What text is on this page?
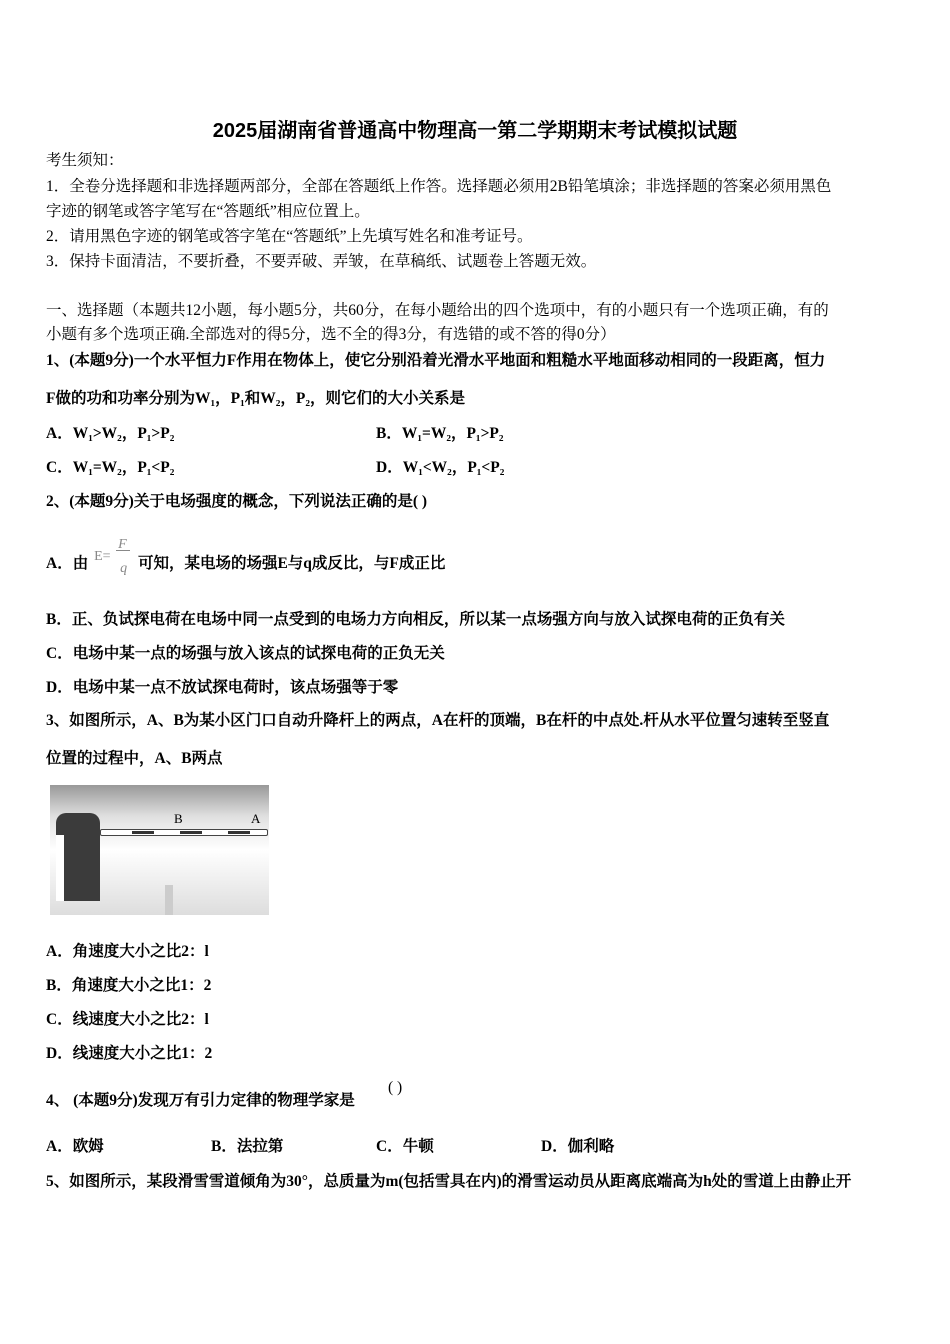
2025届湖南省普通高中物理高一第二学期期末考试模拟试题
考生须知：
1．全卷分选择题和非选择题两部分，全部在答题纸上作答。选择题必须用2B铅笔填涂；非选择题的答案必须用黑色
字迹的钢笔或答字笔写在“答题纸”相应位置上。
2．请用黑色字迹的钢笔或答字笔在“答题纸”上先填写姓名和准考证号。
3．保持卡面清洁，不要折叠，不要弄破、弄皱，在草稿纸、试题卷上答题无效。
一、选择题（本题共12小题，每小题5分，共60分，在每小题给出的四个选项中，有的小题只有一个选项正确，有的
小题有多个选项正确.全部选对的得5分，选不全的得3分，有选错的或不答的得0分）
1、(本题9分)一个水平恒力F作用在物体上，使它分别沿着光滑水平地面和粗糙水平地面移动相同的一段距离，恒力
F做的功和功率分别为W₁，P₁和W₂，P₂，则它们的大小关系是
A．W₁>W₂，P₁>P₂	B．W₁=W₂，P₁>P₂
C．W₁=W₂，P₁<P₂	D．W₁<W₂，P₁<P₂
2、(本题9分)关于电场强度的概念，下列说法正确的是( )
A．由 E=
F
q 可知，某电场的场强E与q成反比，与F成正比
B．正、负试探电荷在电场中同一点受到的电场力方向相反，所以某一点场强方向与放入试探电荷的正负有关
C．电场中某一点的场强与放入该点的试探电荷的正负无关
D．电场中某一点不放试探电荷时，该点场强等于零
3、如图所示，A、B为某小区门口自动升降杆上的两点，A在杆的顶端，B在杆的中点处.杆从水平位置匀速转至竖直
位置的过程中，A、B两点
B	A
A．角速度大小之比2：l
B．角速度大小之比1：2
C．线速度大小之比2：l
D．线速度大小之比1：2
4、 (本题9分)发现万有引力定律的物理学家是
( )
A．欧姆	B．法拉第	C．牛顿	D．伽利略
5、如图所示，某段滑雪雪道倾角为30°，总质量为m(包括雪具在内)的滑雪运动员从距离底端高为h处的雪道上由静止开
